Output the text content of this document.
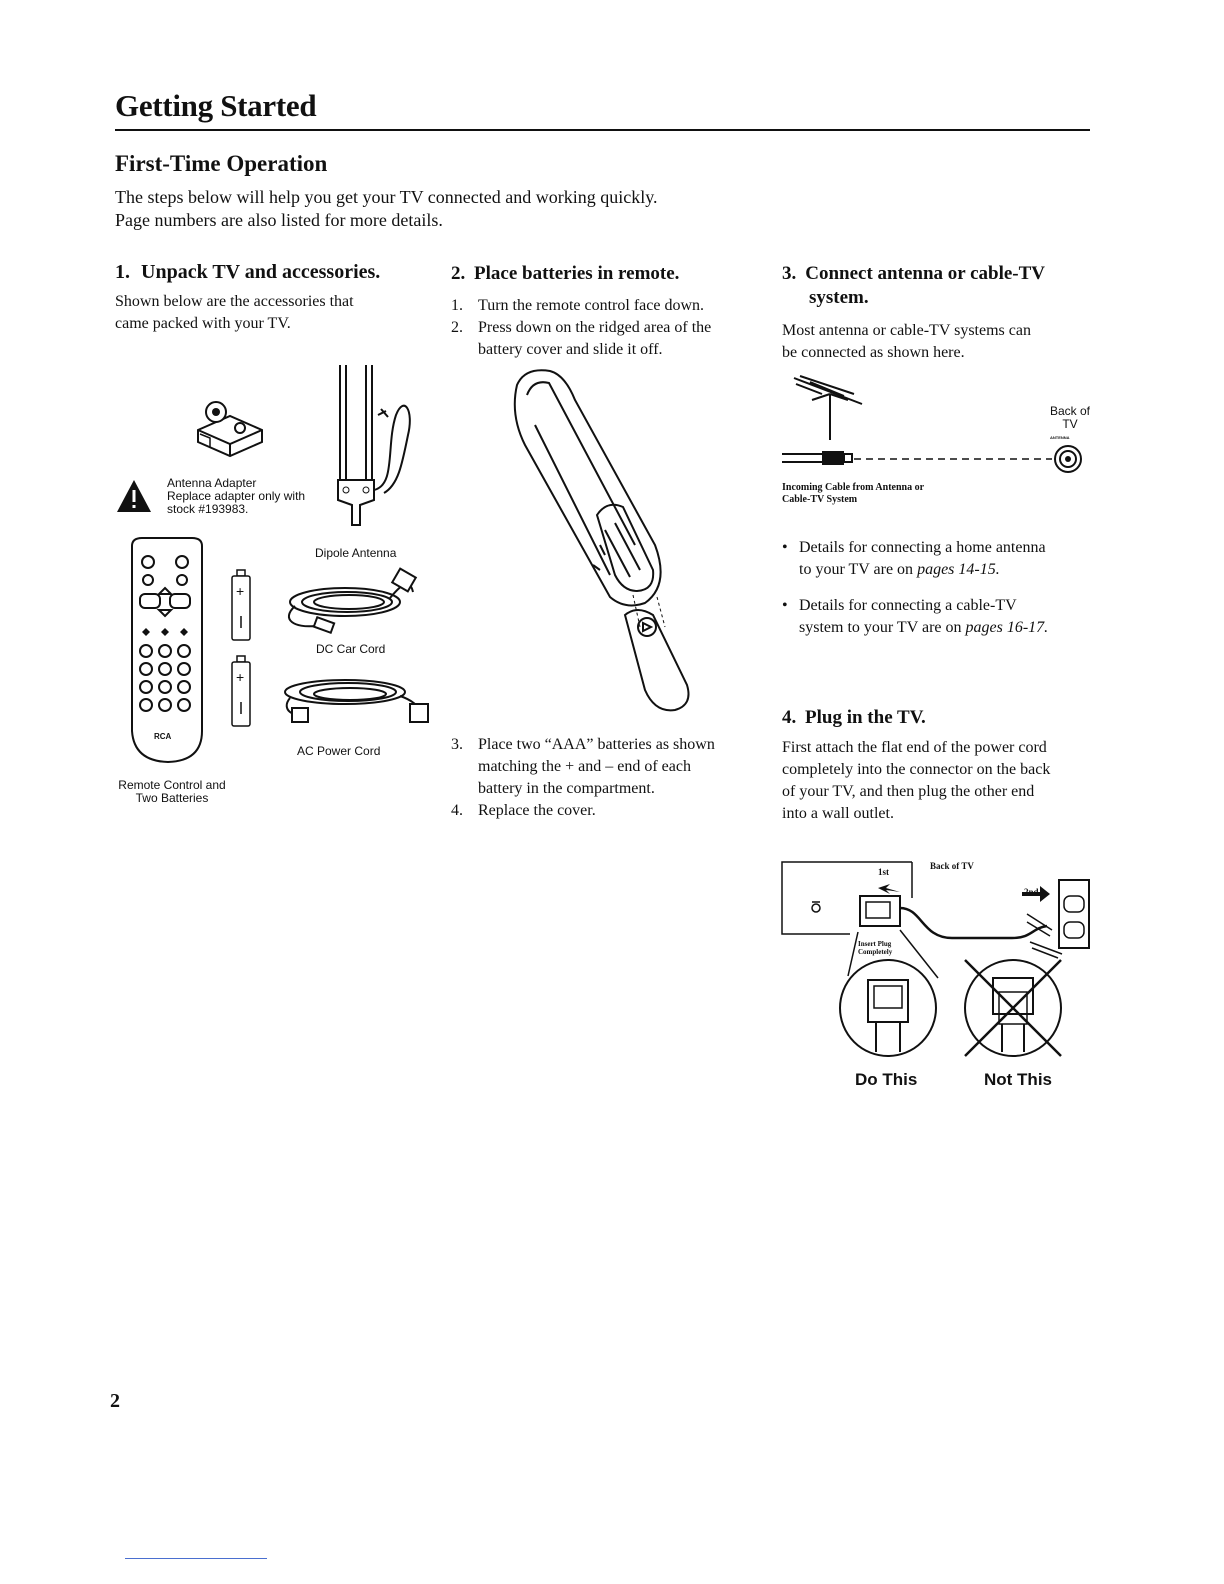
Getting Started
First-Time Operation
The steps below will help you get your TV connected and working quickly.
Page numbers are also listed for more details.
1. Unpack TV and accessories.
Shown below are the accessories that
came packed with your TV.
Antenna Adapter
Replace adapter only with
stock #193983.
Dipole Antenna
RCA
Remote Control and
Two Batteries
+
+
DC Car Cord
AC Power Cord
2. Place batteries in remote.
1. Turn the remote control face down.
2. Press down on the ridged area of the
battery cover and slide it off.
3. Place two “AAA” batteries as shown
matching the + and – end of each
battery in the compartment.
4. Replace the cover.
3. Connect antenna or cable-TV
system.
Most antenna or cable-TV systems can
be connected as shown here.
Back of
TV
ANTENNA
Incoming Cable from Antenna or
Cable-TV System
• Details for connecting a home antenna
to your TV are on pages 14-15.
• Details for connecting a cable-TV
system to your TV are on pages 16-17.
4. Plug in the TV.
First attach the flat end of the power cord
completely into the connector on the back
of your TV, and then plug the other end
into a wall outlet.
Back of TV
1st
2nd
Insert Plug
Completely
Do This	Not This
2
